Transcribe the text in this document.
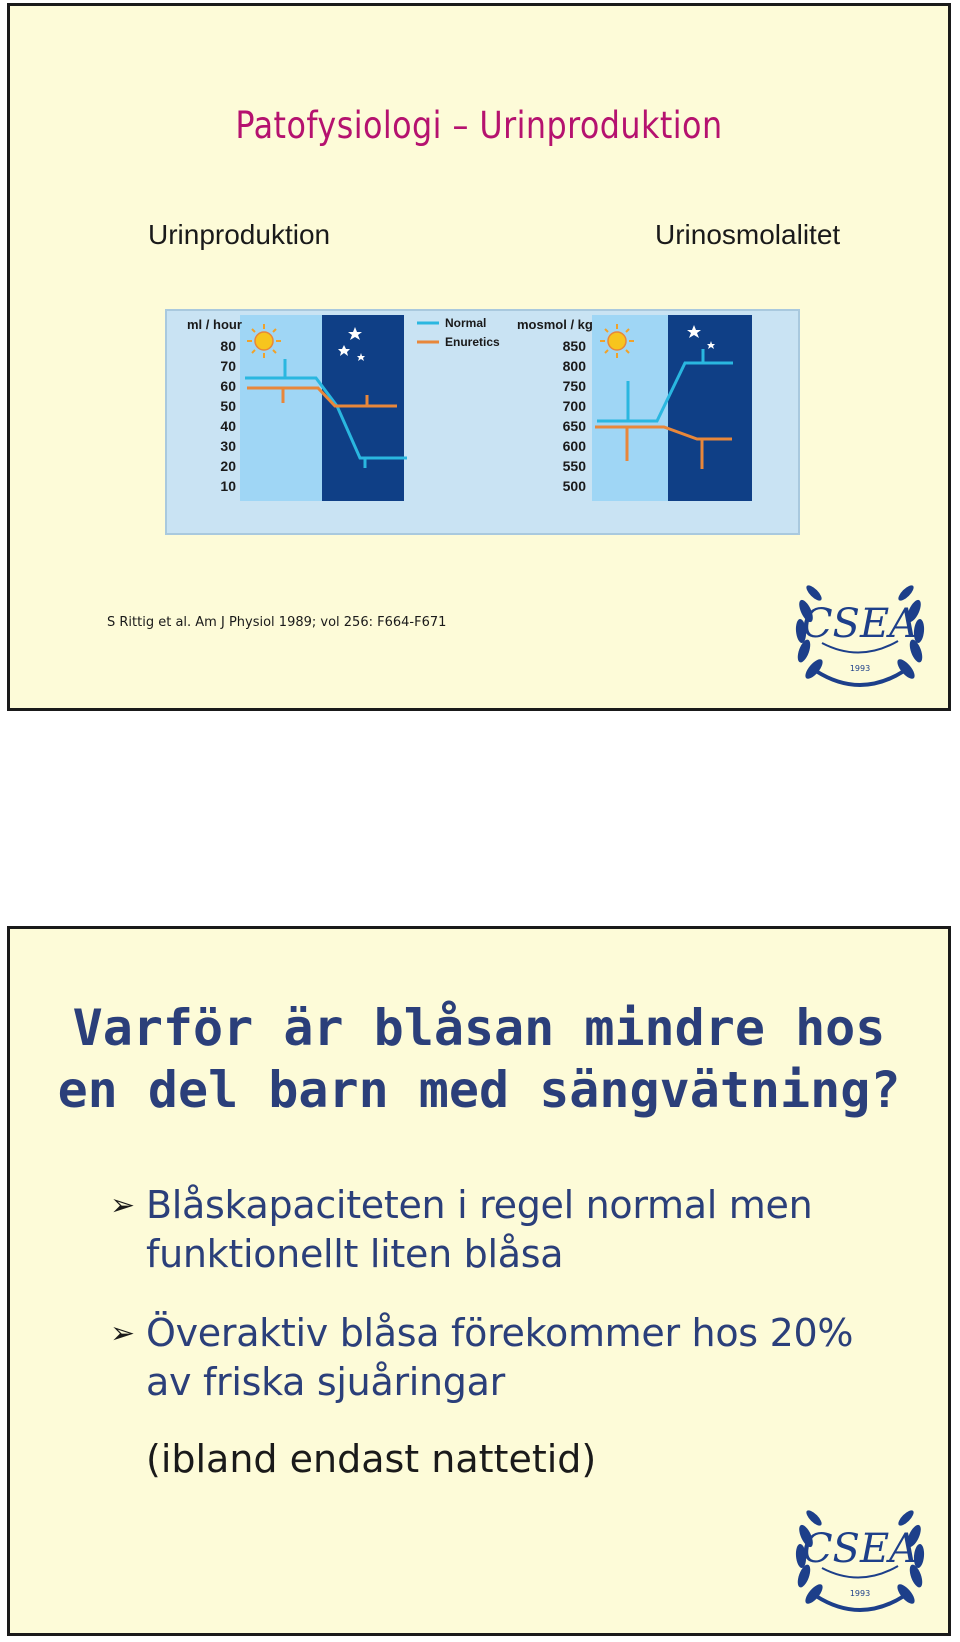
Patofysiologi – Urinproduktion
Urinproduktion	Urinosmolalitet
ml / hour
80
70
60
50
40
30
20
10
mosmol / kg
850
800
750
700
650
600
550
500
Normal
Enuretics
S Rittig et al. Am J Physiol 1989; vol 256: F664-F671	CSEA
1993
Varför är blåsan mindre hos
en del barn med sängvätning?
➢ Blåskapaciteten i regel normal men
funktionellt liten blåsa
➢ Överaktiv blåsa förekommer hos 20%
av friska sjuåringar
(ibland endast nattetid)
CSEA
1993
